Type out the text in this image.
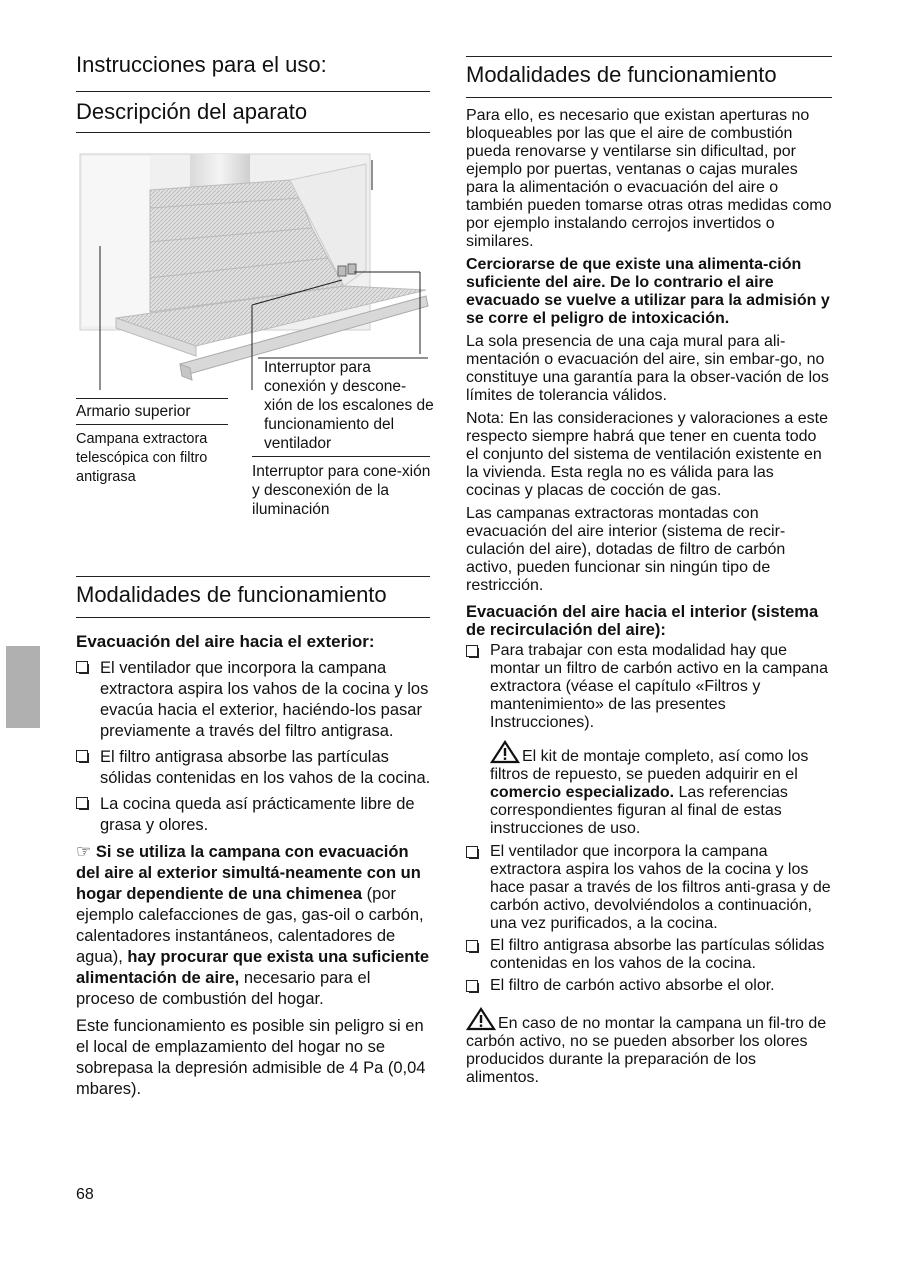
Instrucciones para el uso:
Descripción del aparato
Armario superior
Campana extractora telescópica con filtro antigrasa
Interruptor para conexión y descone-xión de los escalones de funcionamiento del ventilador
Interruptor para cone-xión y desconexión de la iluminación
Modalidades de funcionamiento

Evacuación del aire hacia el exterior:

El ventilador que incorpora la campana extractora aspira los vahos de la cocina y los evacúa hacia el exterior, haciéndo-los pasar previamente a través del filtro antigrasa.
El filtro antigrasa absorbe las partículas sólidas contenidas en los vahos de la cocina.
La cocina queda así prácticamente libre de grasa y olores.

☞ Si se utiliza la campana con evacuación del aire al exterior simultá-neamente con un hogar dependiente de una chimenea (por ejemplo calefacciones de gas, gas-oil o carbón, calentadores instantáneos, calentadores de agua), hay procurar que exista una suficiente alimentación de aire, necesario para el proceso de combustión del hogar.

Este funcionamiento es posible sin peligro si en el local de emplazamiento del hogar no se sobrepasa la depresión admisible de 4 Pa (0,04 mbares).

68
Modalidades de funcionamiento

Para ello, es necesario que existan aperturas no bloqueables por las que el aire de combustión pueda renovarse y ventilarse sin dificultad, por ejemplo por puertas, ventanas o cajas murales para la alimentación o evacuación del aire o también pueden tomarse otras otras medidas como por ejemplo instalando cerrojos invertidos o similares.

Cerciorarse de que existe una alimenta-ción suficiente del aire. De lo contrario el aire evacuado se vuelve a utilizar para la admisión y se corre el peligro de intoxicación.

La sola presencia de una caja mural para ali-mentación o evacuación del aire, sin embar-go, no constituye una garantía para la obser-vación de los límites de tolerancia válidos.

Nota: En las consideraciones y valoraciones a este respecto siempre habrá que tener en cuenta todo el conjunto del sistema de ventilación existente en la vivienda. Esta regla no es válida para las cocinas y placas de cocción de gas.

Las campanas extractoras montadas con evacuación del aire interior (sistema de recir-culación del aire), dotadas de filtro de carbón activo, pueden funcionar sin ningún tipo de restricción.

Evacuación del aire hacia el interior (sistema de recirculación del aire):

Para trabajar con esta modalidad hay que montar un filtro de carbón activo en la campana extractora (véase el capítulo «Filtros y mantenimiento» de las presentes Instrucciones).

El kit de montaje completo, así como los filtros de repuesto, se pueden adquirir en el comercio especializado. Las referencias correspondientes figuran al final de estas instrucciones de uso.

El ventilador que incorpora la campana extractora aspira los vahos de la cocina y los hace pasar a través de los filtros anti-grasa y de carbón activo, devolviéndolos a continuación, una vez purificados, a la cocina.
El filtro antigrasa absorbe las partículas sólidas contenidas en los vahos de la cocina.
El filtro de carbón activo absorbe el olor.

En caso de no montar la campana un fil-tro de carbón activo, no se pueden absorber los olores producidos durante la preparación de los alimentos.
